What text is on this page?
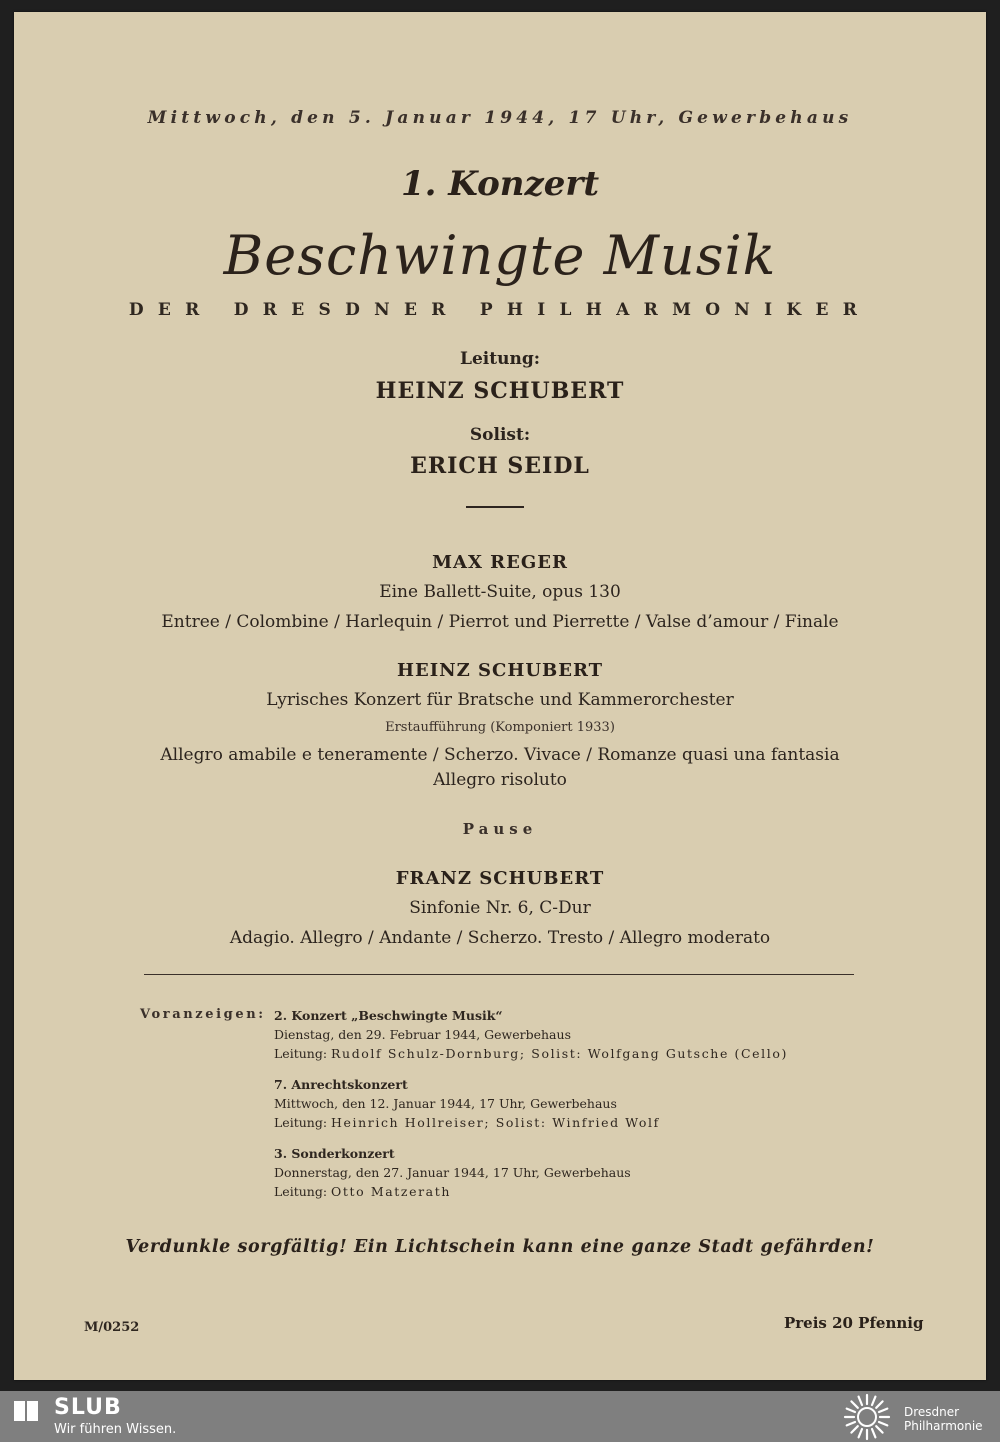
Mittwoch, den 5. Januar 1944, 17 Uhr, Gewerbehaus
1. Konzert
Beschwingte Musik
DER DRESDNER PHILHARMONIKER
Leitung:
HEINZ SCHUBERT
Solist:
ERICH SEIDL
MAX REGER
Eine Ballett-Suite, opus 130
Entree / Colombine / Harlequin / Pierrot und Pierrette / Valse d’amour / Finale
HEINZ SCHUBERT
Lyrisches Konzert für Bratsche und Kammerorchester
Erstaufführung (Komponiert 1933)
Allegro amabile e teneramente / Scherzo. Vivace / Romanze quasi una fantasia
Allegro risoluto
Pause
FRANZ SCHUBERT
Sinfonie Nr. 6, C-Dur
Adagio. Allegro / Andante / Scherzo. Tresto / Allegro moderato
Voranzeigen: 2. Konzert „Beschwingte Musik“
Dienstag, den 29. Februar 1944, Gewerbehaus
Leitung: Rudolf Schulz-Dornburg; Solist: Wolfgang Gutsche (Cello)
7. Anrechtskonzert
Mittwoch, den 12. Januar 1944, 17 Uhr, Gewerbehaus
Leitung: Heinrich Hollreiser; Solist: Winfried Wolf
3. Sonderkonzert
Donnerstag, den 27. Januar 1944, 17 Uhr, Gewerbehaus
Leitung: Otto Matzerath
Verdunkle sorgfältig! Ein Lichtschein kann eine ganze Stadt gefährden!
M/0252	Preis 20 Pfennig
SLUB
Wir führen Wissen.
Dresdner
Philharmonie
